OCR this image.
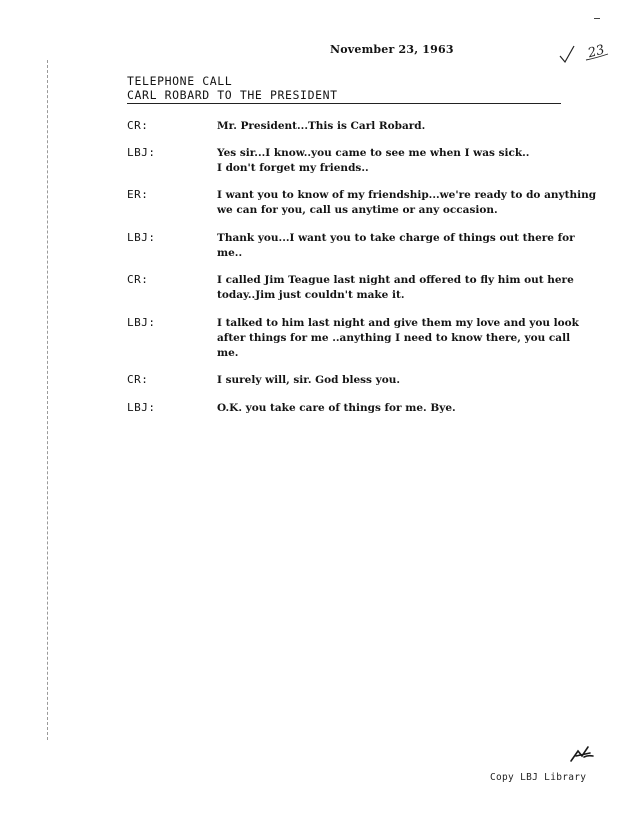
November 23, 1963	23
TELEPHONE CALL
CARL ROBARD TO THE PRESIDENT
CR:	Mr. President...This is Carl Robard.
LBJ:	Yes sir...I know..you came to see me when I was sick..
I don't forget my friends..
ER:	I want you to know of my friendship...we're ready to do anything
we can for you, call us anytime or any occasion.
LBJ:	Thank you...I want you to take charge of things out there for
me..
CR:	I called Jim Teague last night and offered to fly him out here
today..Jim just couldn't make it.
LBJ:	I talked to him last night and give them my love and you look
after things for me ..anything I need to know there, you call
me.
CR:	I surely will, sir. God bless you.
LBJ:	O.K. you take care of things for me. Bye.
Copy LBJ Library
